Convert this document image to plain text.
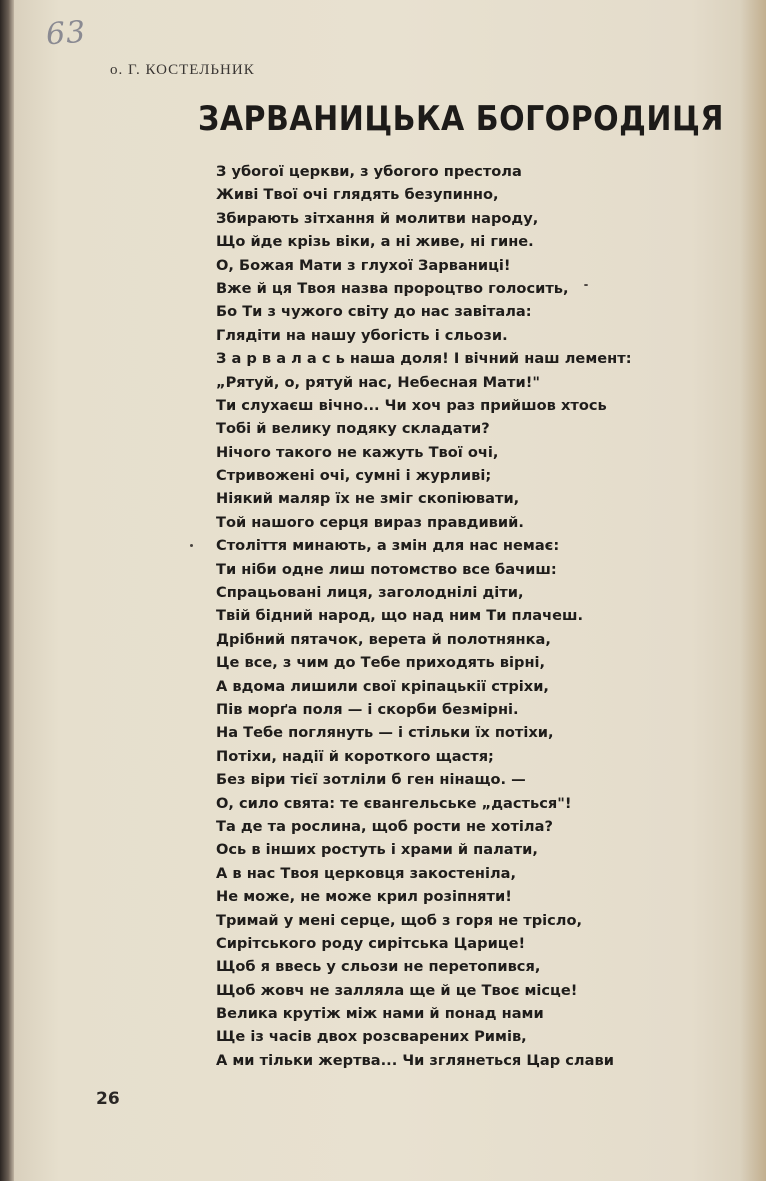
63
о. Г. КОСТЕЛЬНИК
ЗАРВАНИЦЬКА БОГОРОДИЦЯ
З убогої церкви, з убогого престола
Живі Твої очі глядять безупинно,
Збирають зітхання й молитви народу,
Що йде крізь віки, а ні живе, ні гине.
О, Божая Мати з глухої Зарваниці!
Вже й ця Твоя назва пророцтво голосить,
Бо Ти з чужого світу до нас завітала:
Глядіти на нашу убогість і сльози.
З а р в а л а с ь наша доля! І вічний наш лемент:
„Рятуй, о, рятуй нас, Небесная Мати!"
Ти слухаєш вічно... Чи хоч раз прийшов хтось
Тобі й велику подяку складати?
Нічого такого не кажуть Твої очі,
Стривожені очі, сумні і журливі;
Ніякий маляр їх не зміг скопіювати,
Той нашого серця вираз правдивий.
Століття минають, а змін для нас немає:
Ти ніби одне лиш потомство все бачиш:
Спрацьовані лиця, заголоднілі діти,
Твій бідний народ, що над ним Ти плачеш.
Дрібний пятачок, верета й полотнянка,
Це все, з чим до Тебе приходять вірні,
А вдома лишили свої кріпацькії стріхи,
Пів морґа поля — і скорби безмірні.
На Тебе поглянуть — і стільки їх потіхи,
Потіхи, надії й короткого щастя;
Без віри тієї зотліли б ген нінащо. —
О, сило свята: те євангельське „дасться"!
Та де та рослина, щоб рости не хотіла?
Ось в інших ростуть і храми й палати,
А в нас Твоя церковця закостеніла,
Не може, не може крил розіпняти!
Тримай у мені серце, щоб з горя не трісло,
Сирітського роду сирітська Царице!
Щоб я ввесь у сльози не перетопився,
Щоб жовч не залляла ще й це Твоє місце!
Велика крутіж між нами й понад нами
Ще із часів двох розсварених Римів,
А ми тільки жертва... Чи зглянеться Цар слави
26
